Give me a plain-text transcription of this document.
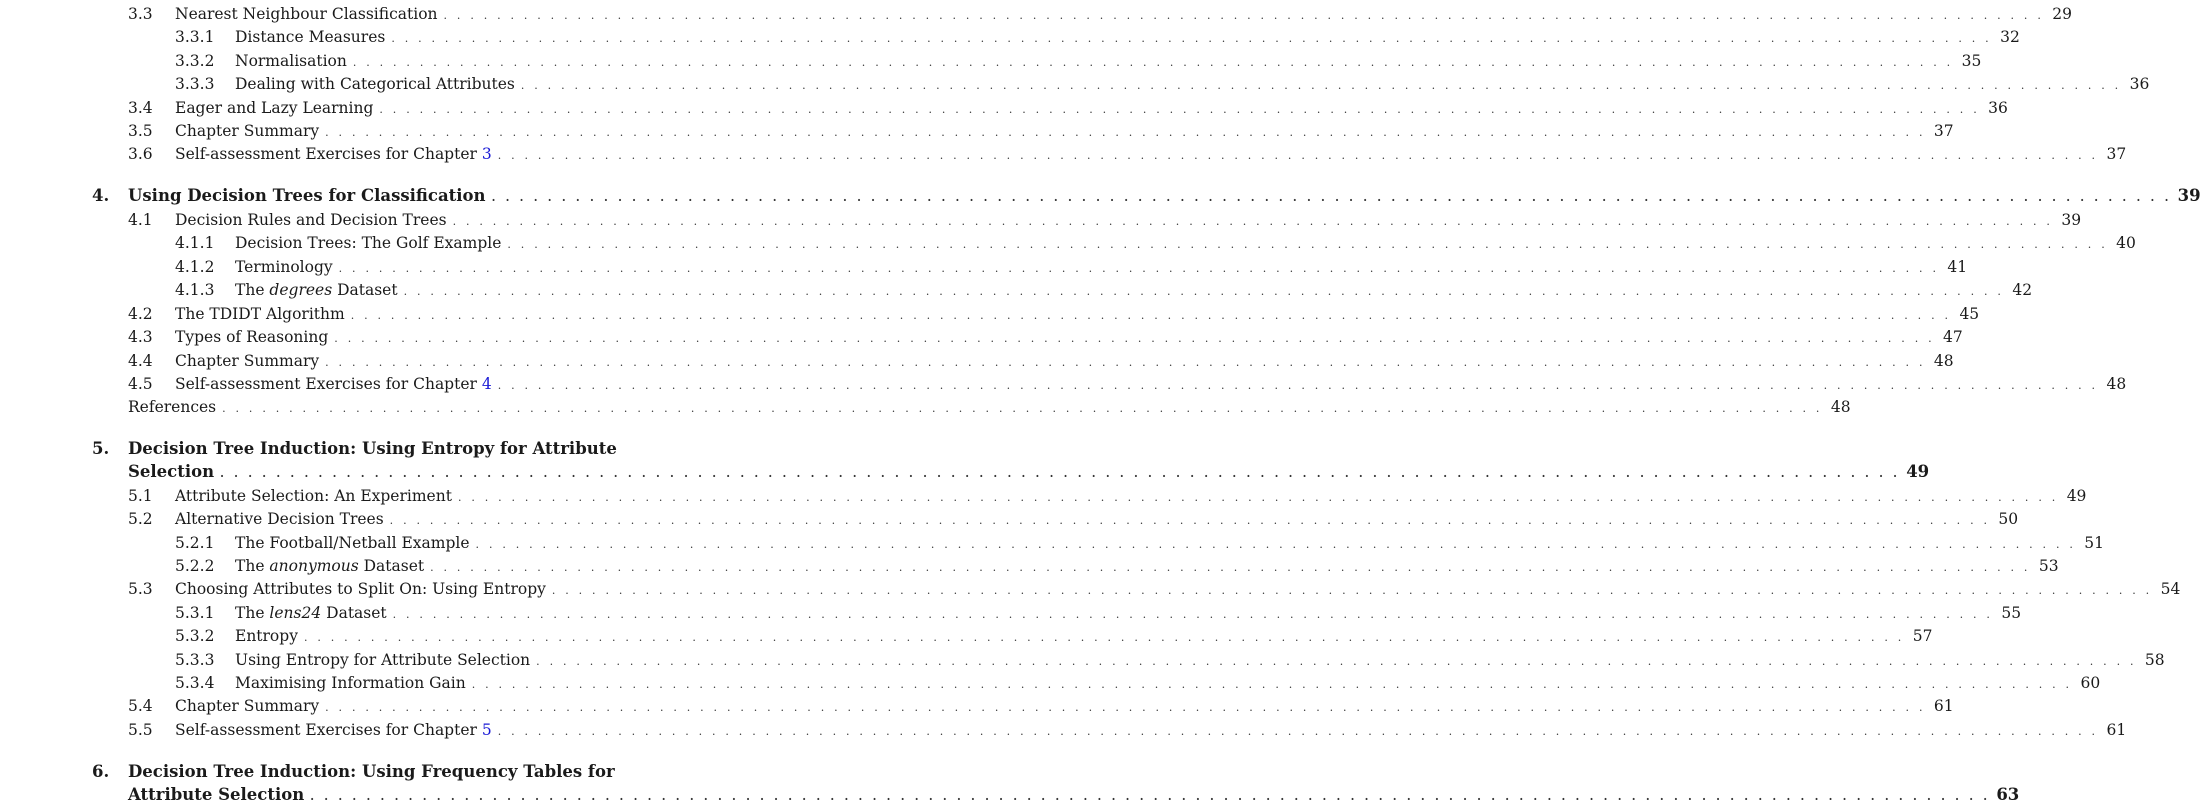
3.3	Nearest Neighbour Classification . . . . . . . . . . . . . . . . . . . . . . . . . . . . . . . . . . . . . . . . . . . . . . . . . . . . . . . . . . . . . . . . . . . . . . . . . . . . . . . . . . . . . . . . . . . . . . . . . . . . . . . . . . . . . . . . . . . . . . . . 29
3.3.1	Distance Measures . . . . . . . . . . . . . . . . . . . . . . . . . . . . . . . . . . . . . . . . . . . . . . . . . . . . . . . . . . . . . . . . . . . . . . . . . . . . . . . . . . . . . . . . . . . . . . . . . . . . . . . . . . . . . . . . . . . . . . . . 32
3.3.2	Normalisation . . . . . . . . . . . . . . . . . . . . . . . . . . . . . . . . . . . . . . . . . . . . . . . . . . . . . . . . . . . . . . . . . . . . . . . . . . . . . . . . . . . . . . . . . . . . . . . . . . . . . . . . . . . . . . . . . . . . . . . . 35
3.3.3	Dealing with Categorical Attributes . . . . . . . . . . . . . . . . . . . . . . . . . . . . . . . . . . . . . . . . . . . . . . . . . . . . . . . . . . . . . . . . . . . . . . . . . . . . . . . . . . . . . . . . . . . . . . . . . . . . . . . . . . . . . . . . . . . . . . . . 36
3.4	Eager and Lazy Learning . . . . . . . . . . . . . . . . . . . . . . . . . . . . . . . . . . . . . . . . . . . . . . . . . . . . . . . . . . . . . . . . . . . . . . . . . . . . . . . . . . . . . . . . . . . . . . . . . . . . . . . . . . . . . . . . . . . . . . . . 36
3.5	Chapter Summary . . . . . . . . . . . . . . . . . . . . . . . . . . . . . . . . . . . . . . . . . . . . . . . . . . . . . . . . . . . . . . . . . . . . . . . . . . . . . . . . . . . . . . . . . . . . . . . . . . . . . . . . . . . . . . . . . . . . . . . . 37
3.6	Self-assessment Exercises for Chapter 3 . . . . . . . . . . . . . . . . . . . . . . . . . . . . . . . . . . . . . . . . . . . . . . . . . . . . . . . . . . . . . . . . . . . . . . . . . . . . . . . . . . . . . . . . . . . . . . . . . . . . . . . . . . . . . . . . . . . . . . . . 37
4.	Using Decision Trees for Classification . . . . . . . . . . . . . . . . . . . . . . . . . . . . . . . . . . . . . . . . . . . . . . . . . . . . . . . . . . . . . . . . . . . . . . . . . . . . . . . . . . . . . . . . . . . . . . . . . . . . . . . . . . . . . . . . . . . . . . . . 39
4.1	Decision Rules and Decision Trees . . . . . . . . . . . . . . . . . . . . . . . . . . . . . . . . . . . . . . . . . . . . . . . . . . . . . . . . . . . . . . . . . . . . . . . . . . . . . . . . . . . . . . . . . . . . . . . . . . . . . . . . . . . . . . . . . . . . . . . . 39
4.1.1	Decision Trees: The Golf Example . . . . . . . . . . . . . . . . . . . . . . . . . . . . . . . . . . . . . . . . . . . . . . . . . . . . . . . . . . . . . . . . . . . . . . . . . . . . . . . . . . . . . . . . . . . . . . . . . . . . . . . . . . . . . . . . . . . . . . . . 40
4.1.2	Terminology . . . . . . . . . . . . . . . . . . . . . . . . . . . . . . . . . . . . . . . . . . . . . . . . . . . . . . . . . . . . . . . . . . . . . . . . . . . . . . . . . . . . . . . . . . . . . . . . . . . . . . . . . . . . . . . . . . . . . . . . 41
4.1.3	The degrees Dataset . . . . . . . . . . . . . . . . . . . . . . . . . . . . . . . . . . . . . . . . . . . . . . . . . . . . . . . . . . . . . . . . . . . . . . . . . . . . . . . . . . . . . . . . . . . . . . . . . . . . . . . . . . . . . . . . . . . . . . . . 42
4.2	The TDIDT Algorithm . . . . . . . . . . . . . . . . . . . . . . . . . . . . . . . . . . . . . . . . . . . . . . . . . . . . . . . . . . . . . . . . . . . . . . . . . . . . . . . . . . . . . . . . . . . . . . . . . . . . . . . . . . . . . . . . . . . . . . . . 45
4.3	Types of Reasoning . . . . . . . . . . . . . . . . . . . . . . . . . . . . . . . . . . . . . . . . . . . . . . . . . . . . . . . . . . . . . . . . . . . . . . . . . . . . . . . . . . . . . . . . . . . . . . . . . . . . . . . . . . . . . . . . . . . . . . . . 47
4.4	Chapter Summary . . . . . . . . . . . . . . . . . . . . . . . . . . . . . . . . . . . . . . . . . . . . . . . . . . . . . . . . . . . . . . . . . . . . . . . . . . . . . . . . . . . . . . . . . . . . . . . . . . . . . . . . . . . . . . . . . . . . . . . . 48
4.5	Self-assessment Exercises for Chapter 4 . . . . . . . . . . . . . . . . . . . . . . . . . . . . . . . . . . . . . . . . . . . . . . . . . . . . . . . . . . . . . . . . . . . . . . . . . . . . . . . . . . . . . . . . . . . . . . . . . . . . . . . . . . . . . . . . . . . . . . . . 48
References . . . . . . . . . . . . . . . . . . . . . . . . . . . . . . . . . . . . . . . . . . . . . . . . . . . . . . . . . . . . . . . . . . . . . . . . . . . . . . . . . . . . . . . . . . . . . . . . . . . . . . . . . . . . . . . . . . . . . . . . 48
5.	Decision Tree Induction: Using Entropy for Attribute
Selection . . . . . . . . . . . . . . . . . . . . . . . . . . . . . . . . . . . . . . . . . . . . . . . . . . . . . . . . . . . . . . . . . . . . . . . . . . . . . . . . . . . . . . . . . . . . . . . . . . . . . . . . . . . . . . . . . . . . . . . . 49
5.1	Attribute Selection: An Experiment . . . . . . . . . . . . . . . . . . . . . . . . . . . . . . . . . . . . . . . . . . . . . . . . . . . . . . . . . . . . . . . . . . . . . . . . . . . . . . . . . . . . . . . . . . . . . . . . . . . . . . . . . . . . . . . . . . . . . . . . 49
5.2	Alternative Decision Trees . . . . . . . . . . . . . . . . . . . . . . . . . . . . . . . . . . . . . . . . . . . . . . . . . . . . . . . . . . . . . . . . . . . . . . . . . . . . . . . . . . . . . . . . . . . . . . . . . . . . . . . . . . . . . . . . . . . . . . . . 50
5.2.1	The Football/Netball Example . . . . . . . . . . . . . . . . . . . . . . . . . . . . . . . . . . . . . . . . . . . . . . . . . . . . . . . . . . . . . . . . . . . . . . . . . . . . . . . . . . . . . . . . . . . . . . . . . . . . . . . . . . . . . . . . . . . . . . . . 51
5.2.2	The anonymous Dataset . . . . . . . . . . . . . . . . . . . . . . . . . . . . . . . . . . . . . . . . . . . . . . . . . . . . . . . . . . . . . . . . . . . . . . . . . . . . . . . . . . . . . . . . . . . . . . . . . . . . . . . . . . . . . . . . . . . . . . . . 53
5.3	Choosing Attributes to Split On: Using Entropy . . . . . . . . . . . . . . . . . . . . . . . . . . . . . . . . . . . . . . . . . . . . . . . . . . . . . . . . . . . . . . . . . . . . . . . . . . . . . . . . . . . . . . . . . . . . . . . . . . . . . . . . . . . . . . . . . . . . . . . . 54
5.3.1	The lens24 Dataset . . . . . . . . . . . . . . . . . . . . . . . . . . . . . . . . . . . . . . . . . . . . . . . . . . . . . . . . . . . . . . . . . . . . . . . . . . . . . . . . . . . . . . . . . . . . . . . . . . . . . . . . . . . . . . . . . . . . . . . . 55
5.3.2	Entropy . . . . . . . . . . . . . . . . . . . . . . . . . . . . . . . . . . . . . . . . . . . . . . . . . . . . . . . . . . . . . . . . . . . . . . . . . . . . . . . . . . . . . . . . . . . . . . . . . . . . . . . . . . . . . . . . . . . . . . . . 57
5.3.3	Using Entropy for Attribute Selection . . . . . . . . . . . . . . . . . . . . . . . . . . . . . . . . . . . . . . . . . . . . . . . . . . . . . . . . . . . . . . . . . . . . . . . . . . . . . . . . . . . . . . . . . . . . . . . . . . . . . . . . . . . . . . . . . . . . . . . . 58
5.3.4	Maximising Information Gain . . . . . . . . . . . . . . . . . . . . . . . . . . . . . . . . . . . . . . . . . . . . . . . . . . . . . . . . . . . . . . . . . . . . . . . . . . . . . . . . . . . . . . . . . . . . . . . . . . . . . . . . . . . . . . . . . . . . . . . . 60
5.4	Chapter Summary . . . . . . . . . . . . . . . . . . . . . . . . . . . . . . . . . . . . . . . . . . . . . . . . . . . . . . . . . . . . . . . . . . . . . . . . . . . . . . . . . . . . . . . . . . . . . . . . . . . . . . . . . . . . . . . . . . . . . . . . 61
5.5	Self-assessment Exercises for Chapter 5 . . . . . . . . . . . . . . . . . . . . . . . . . . . . . . . . . . . . . . . . . . . . . . . . . . . . . . . . . . . . . . . . . . . . . . . . . . . . . . . . . . . . . . . . . . . . . . . . . . . . . . . . . . . . . . . . . . . . . . . . 61
6.	Decision Tree Induction: Using Frequency Tables for
Attribute Selection . . . . . . . . . . . . . . . . . . . . . . . . . . . . . . . . . . . . . . . . . . . . . . . . . . . . . . . . . . . . . . . . . . . . . . . . . . . . . . . . . . . . . . . . . . . . . . . . . . . . . . . . . . . . . . . . . . . . . . . . 63
